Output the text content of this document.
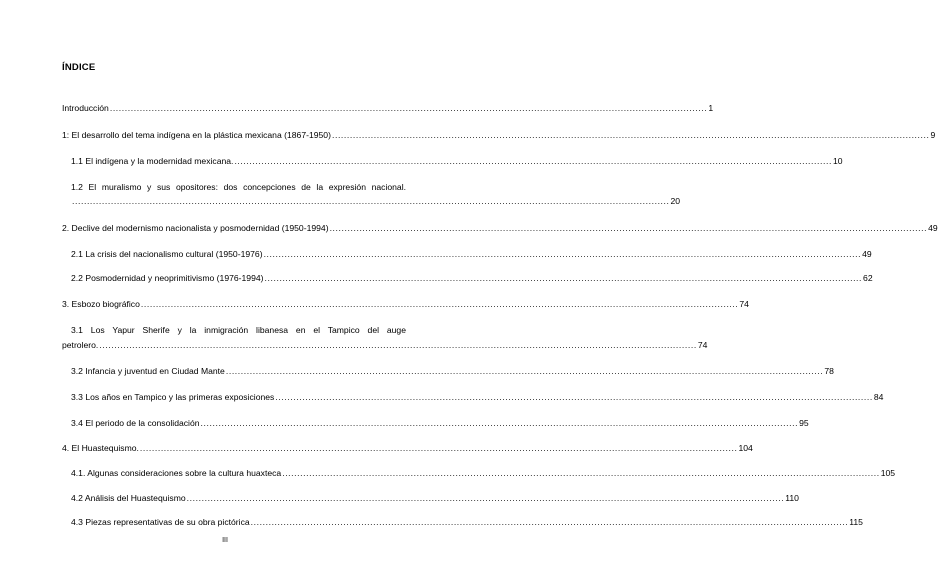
ÍNDICE
Introducción ........................................................................................................................................................................................................ 1
1: El desarrollo del tema indígena en la plástica mexicana (1867-1950) ........................................................................................................................................................................................................ 9
1.1 El indígena y la modernidad mexicana. ........................................................................................................................................................................................................ 10
1.2 El muralismo y sus opositores: dos concepciones de la expresión nacional.
........................................................................................................................................................................................................ 20
2. Declive del modernismo nacionalista y posmodernidad (1950-1994) ........................................................................................................................................................................................................ 49
2.1 La crisis del nacionalismo cultural (1950-1976) ........................................................................................................................................................................................................ 49
2.2 Posmodernidad y neoprimitivismo (1976-1994) ........................................................................................................................................................................................................ 62
3. Esbozo biográfico ........................................................................................................................................................................................................ 74
3.1 Los Yapur Sherife y la inmigración libanesa en el Tampico del auge
petrolero. ........................................................................................................................................................................................................ 74
3.2 Infancia y juventud en Ciudad Mante ........................................................................................................................................................................................................ 78
3.3 Los años en Tampico y las primeras exposiciones ........................................................................................................................................................................................................ 84
3.4 El periodo de la consolidación ........................................................................................................................................................................................................ 95
4. El Huastequismo. ........................................................................................................................................................................................................ 104
4.1. Algunas consideraciones sobre la cultura huaxteca ........................................................................................................................................................................................................ 105
4.2 Análisis del Huastequismo ........................................................................................................................................................................................................ 110
4.3 Piezas representativas de su obra pictórica ........................................................................................................................................................................................................ 115
III
